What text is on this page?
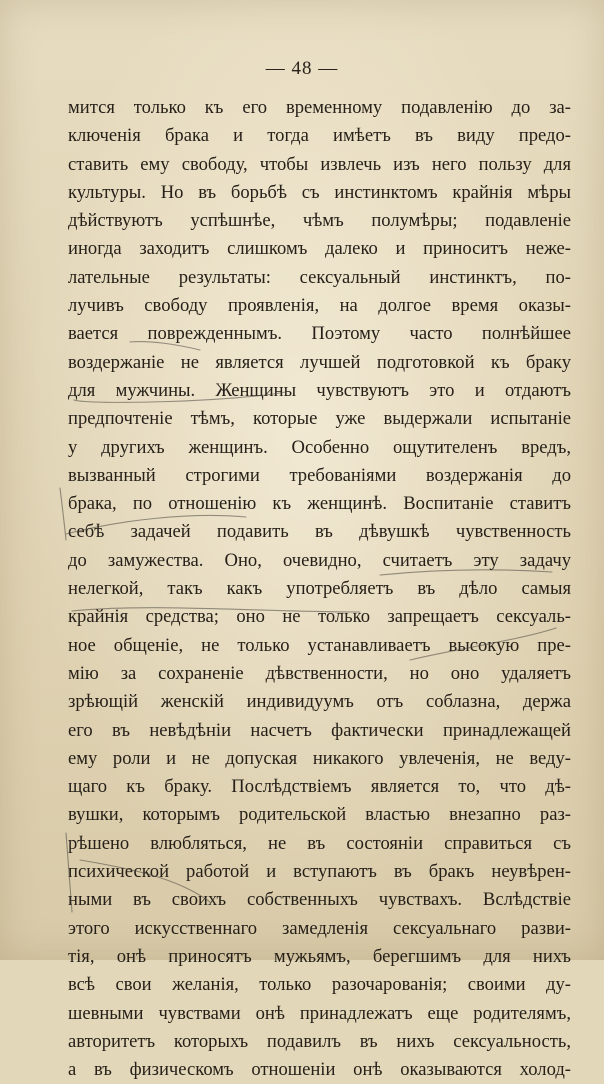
— 48 —
мится только къ его временному подавленію до за-
ключенія брака и тогда имѣетъ въ виду предо-
ставить ему свободу, чтобы извлечь изъ него пользу для
культуры. Но въ борьбѣ съ инстинктомъ крайнія мѣры
дѣйствуютъ успѣшнѣе, чѣмъ полумѣры; подавленіе
иногда заходитъ слишкомъ далеко и приноситъ неже-
лательные результаты: сексуальный инстинктъ, по-
лучивъ свободу проявленія, на долгое время оказы-
вается поврежденнымъ. Поэтому часто полнѣйшее
воздержаніе не является лучшей подготовкой къ браку
для мужчины. Женщины чувствуютъ это и отдаютъ
предпочтеніе тѣмъ, которые уже выдержали испытаніе
у другихъ женщинъ. Особенно ощутителенъ вредъ,
вызванный строгими требованіями воздержанія до
брака, по отношенію къ женщинѣ. Воспитаніе ставитъ
себѣ задачей подавить въ дѣвушкѣ чувственность
до замужества. Оно, очевидно, считаетъ эту задачу
нелегкой, такъ какъ употребляетъ въ дѣло самыя
крайнія средства; оно не только запрещаетъ сексуаль-
ное общеніе, не только устанавливаетъ высокую пре-
мію за сохраненіе дѣвственности, но оно удаляетъ
зрѣющій женскій индивидуумъ отъ соблазна, держа
его въ невѣдѣніи насчетъ фактически принадлежащей
ему роли и не допуская никакого увлеченія, не веду-
щаго къ браку. Послѣдствіемъ является то, что дѣ-
вушки, которымъ родительской властью внезапно раз-
рѣшено влюбляться, не въ состояніи справиться съ
психической работой и вступаютъ въ бракъ неувѣрен-
ными въ своихъ собственныхъ чувствахъ. Вслѣдствіе
этого искусственнаго замедленія сексуальнаго разви-
тія, онѣ приносятъ мужьямъ, берегшимъ для нихъ
всѣ свои желанія, только разочарованія; своими ду-
шевными чувствами онѣ принадлежатъ еще родителямъ,
авторитетъ которыхъ подавилъ въ нихъ сексуальность,
а въ физическомъ отношеніи онѣ оказываются холод-
